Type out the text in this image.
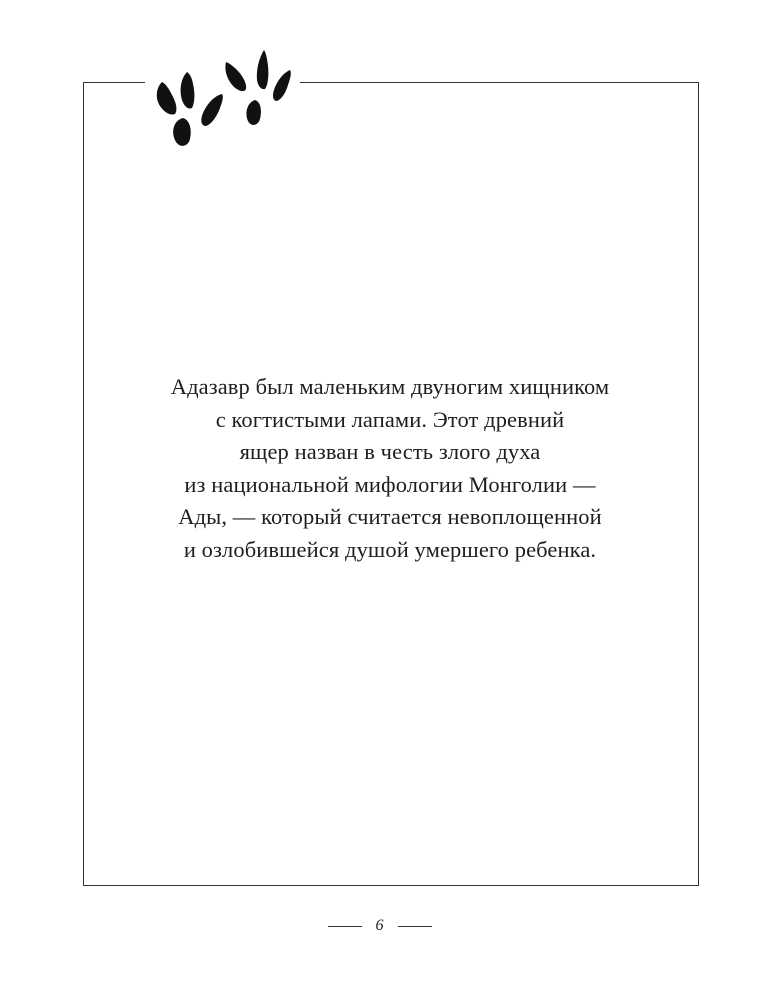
Адазавр был маленьким двуногим хищником
с когтистыми лапами. Этот древний
ящер назван в честь злого духа
из национальной мифологии Монголии —
Ады, — который считается невоплощенной
и озлобившейся душой умершего ребенка.
6
